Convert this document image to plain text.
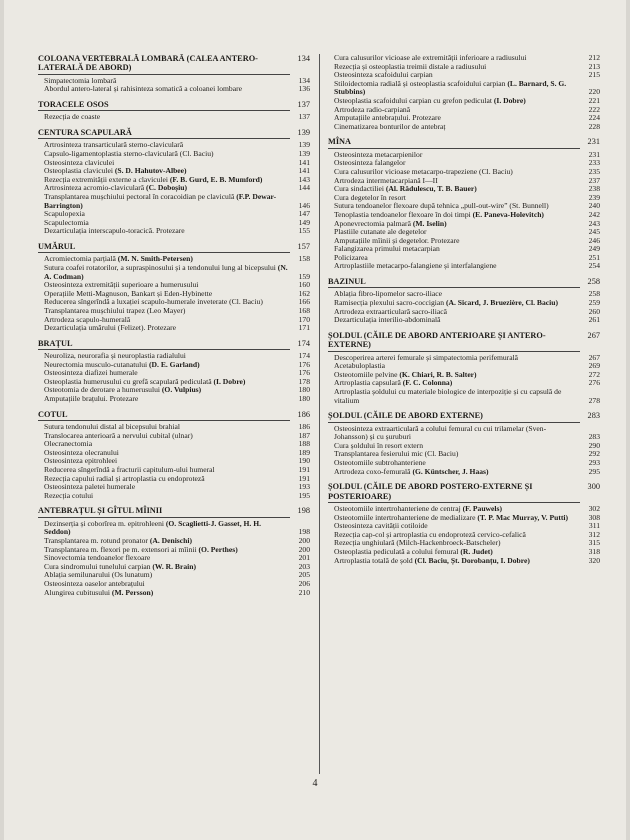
COLOANA VERTEBRALĂ LOMBARĂ (CALEA ANTERO-LATERALĂ DE ABORD)
134
Simpatectomia lombară	134
Abordul antero-lateral și rahisinteza somatică a coloanei lombare	136
TORACELE OSOS	137
Rezecția de coaste	137
CENTURA SCAPULARĂ	139
Artrosinteza transarticulară sterno-claviculară	139
Capsulo-ligamentoplastia sterno-claviculară (Cl. Baciu)	139
Osteosinteza claviculei	141
Osteoplastia claviculei (S. D. Hahutov-Albee)	141
Rezecția extremității externe a claviculei (F. B. Gurd, E. B. Mumford)	143
Artrosinteza acromio-claviculară (C. Doboșiu)	144
Transplantarea mușchiului pectoral în coracoidian pe claviculă (F.P. Dewar-Barrington)	146
Scapulopexia	147
Scapulectomia	149
Dezarticulația interscapulo-toracică. Protezare	155
UMĂRUL	157
Acromiectomia parțială (M. N. Smith-Petersen)	158
Sutura coafei rotatorilor, a supraspinosului și a tendonului lung al bicepsului (N. A. Codman)	159
Osteosinteza extremității superioare a humerusului	160
Operațiile Metti-Magnuson, Bankart și Eden-Hybinette	162
Reducerea sîngerîndă a luxației scapulo-humerale inveterate (Cl. Baciu)	166
Transplantarea mușchiului trapez (Leo Mayer)	168
Artrodeza scapulo-humerală	170
Dezarticulația umărului (Felizet). Protezare	171
BRAȚUL	174
Neuroliza, neurorafia și neuroplastia radialului	174
Neurectomia musculo-cutanatului (D. E. Garland)	176
Osteosinteza diafizei humerale	176
Osteoplastia humerusului cu grefă scapulară pediculată (I. Dobre)	178
Osteotomia de derotare a humerusului (O. Vulpius)	180
Amputațiile brațului. Protezare	180
COTUL	186
Sutura tendonului distal al bicepsului brahial	186
Translocarea anterioară a nervului cubital (ulnar)	187
Olecranectomia	188
Osteosinteza olecranului	189
Osteosinteza epitrohleei	190
Reducerea sîngerîndă a fracturii capitulum-ului humeral	191
Rezecția capului radial și artroplastia cu endoproteză	191
Osteosinteza paletei humerale	193
Rezecția cotului	195
ANTEBRAȚUL ȘI GÎTUL MÎINII	198
Dezinserția și coborîrea m. epitrohleeni (O. Scaglietti-J. Gasset, H. H. Seddon)	198
Transplantarea m. rotund pronator (A. Denischi)	200
Transplantarea m. flexori pe m. extensori ai mîinii (O. Perthes)	200
Sinovectomia tendoanelor flexoare	201
Cura sindromului tunelului carpian (W. R. Brain)	203
Ablația semilunarului (Os lunatum)	205
Osteosinteza oaselor antebrațului	206
Alungirea cubitusului (M. Persson)	210
Cura calusurilor vicioase ale extremității inferioare a radiusului	212
Rezecția și osteoplastia treimii distale a radiusului	213
Osteosinteza scafoidului carpian	215
Stiloidectomia radială și osteoplastia scafoidului carpian (L. Barnard, S. G. Stubbins)	220
Osteoplastia scafoidului carpian cu grefon pediculat (I. Dobre)	221
Artrodeza radio-carpiană	222
Amputațiile antebrațului. Protezare	224
Cinematizarea bonturilor de antebraț	228
MÎNA	231
Osteosinteza metacarpienilor	231
Osteosinteza falangelor	233
Cura calusurilor vicioase metacarpo-trapeziene (Cl. Baciu)	235
Artrodeza intermetacarpiană I—II	237
Cura sindactiliei (Al. Rădulescu, T. B. Bauer)	238
Cura degetelor în resort	239
Sutura tendoanelor flexoare după tehnica „pull-out-wire” (St. Bunnell)	240
Tenoplastia tendoanelor flexoare în doi timpi (E. Paneva-Holevitch)	242
Aponevrectomia palmară (M. Iselin)	243
Plastiile cutanate ale degetelor	245
Amputațiile mîinii și degetelor. Protezare	246
Falangizarea primului metacarpian	249
Policizarea	251
Artroplastiile metacarpo-falangiene și interfalangiene	254
BAZINUL	258
Ablația fibro-lipomelor sacro-iliace	258
Ramisecția plexului sacro-coccigian (A. Sicard, J. Bruezière, Cl. Baciu)	259
Artrodeza extraarticulară sacro-iliacă	260
Dezarticulația interilio-abdominală	261
ȘOLDUL (CĂILE DE ABORD ANTERIOARE ȘI ANTERO-EXTERNE)
267
Descoperirea arterei femurale și simpatectomia perifemurală	267
Acetabuloplastia	269
Osteotomiile pelvine (K. Chiari, R. B. Salter)	272
Artroplastia capsulară (F. C. Colonna)	276
Artroplastia șoldului cu materiale biologice de interpoziție și cu capsulă de vitalium	278
ȘOLDUL (CĂILE DE ABORD EXTERNE)	283
Osteosinteza extraarticulară a colului femural cu cui trilamelar (Sven-Johansson) și cu șuruburi	283
Cura șoldului în resort extern	290
Transplantarea fesierului mic (Cl. Baciu)	292
Osteotomiile subtrohanteriene	293
Artrodeza coxo-femurală (G. Küntscher, J. Haas)	295
ȘOLDUL (CĂILE DE ABORD POSTERO-EXTERNE ȘI POSTERIOARE)
300
Osteotomiile intertrohanteriene de centraj (F. Pauwels)	302
Osteotomiile intertrohanteriene de medializare (T. P. Mac Murray, V. Putti)	308
Osteosinteza cavității cotiloide	311
Rezecția cap-col și artroplastia cu endoproteză cervico-cefalică	312
Rezecția unghiulară (Milch-Hackenbroeck-Batscheler)	315
Osteoplastia pediculată a colului femural (R. Judet)	318
Artroplastia totală de șold (Cl. Baciu, Șt. Dorobanțu, I. Dobre)	320
4
